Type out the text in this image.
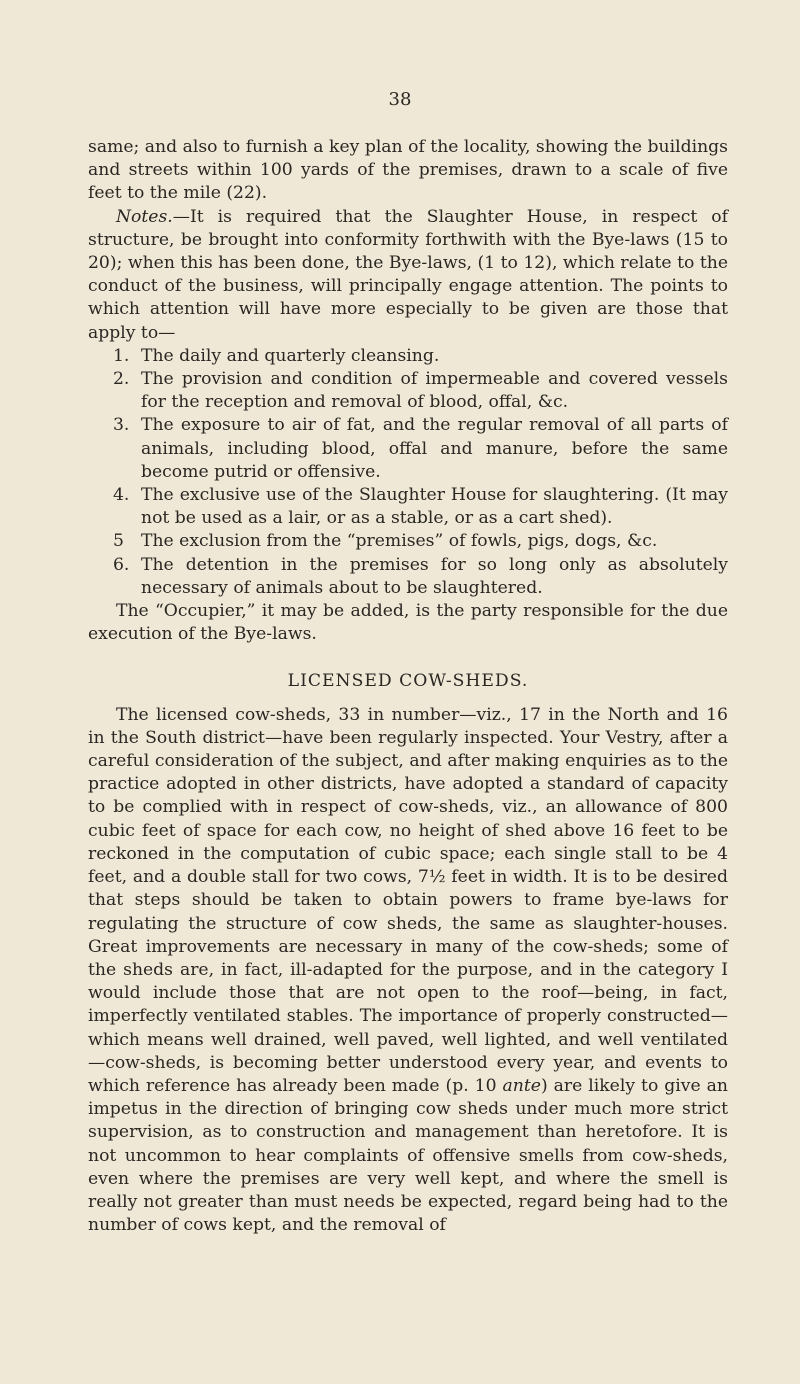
38

same; and also to furnish a key plan of the locality, showing the buildings and streets within 100 yards of the premises, drawn to a scale of five feet to the mile (22).

Notes.—It is required that the Slaughter House, in respect of structure, be brought into conformity forthwith with the Bye-laws (15 to 20); when this has been done, the Bye-laws, (1 to 12), which relate to the conduct of the business, will principally engage attention. The points to which attention will have more especially to be given are those that apply to—

1. The daily and quarterly cleansing.

2. The provision and condition of impermeable and covered vessels for the reception and removal of blood, offal, &c.

3. The exposure to air of fat, and the regular removal of all parts of animals, including blood, offal and manure, before the same become putrid or offensive.

4. The exclusive use of the Slaughter House for slaughtering. (It may not be used as a lair, or as a stable, or as a cart shed).

5 The exclusion from the “premises” of fowls, pigs, dogs, &c.

6. The detention in the premises for so long only as absolutely necessary of animals about to be slaughtered.

The “Occupier,” it may be added, is the party responsible for the due execution of the Bye-laws.

LICENSED COW-SHEDS.

The licensed cow-sheds, 33 in number—viz., 17 in the North and 16 in the South district—have been regularly inspected. Your Vestry, after a careful consideration of the subject, and after making enquiries as to the practice adopted in other districts, have adopted a standard of capacity to be complied with in respect of cow-sheds, viz., an allowance of 800 cubic feet of space for each cow, no height of shed above 16 feet to be reckoned in the computation of cubic space; each single stall to be 4 feet, and a double stall for two cows, 7½ feet in width. It is to be desired that steps should be taken to obtain powers to frame bye-laws for regulating the structure of cow sheds, the same as slaughter-houses. Great improvements are necessary in many of the cow-sheds; some of the sheds are, in fact, ill-adapted for the purpose, and in the category I would include those that are not open to the roof—being, in fact, imperfectly ventilated stables. The importance of properly constructed—which means well drained, well paved, well lighted, and well ventilated—cow-sheds, is becoming better understood every year, and events to which reference has already been made (p. 10 ante) are likely to give an impetus in the direction of bringing cow sheds under much more strict supervision, as to construction and management than heretofore. It is not uncommon to hear complaints of offensive smells from cow-sheds, even where the premises are very well kept, and where the smell is really not greater than must needs be expected, regard being had to the number of cows kept, and the removal of
